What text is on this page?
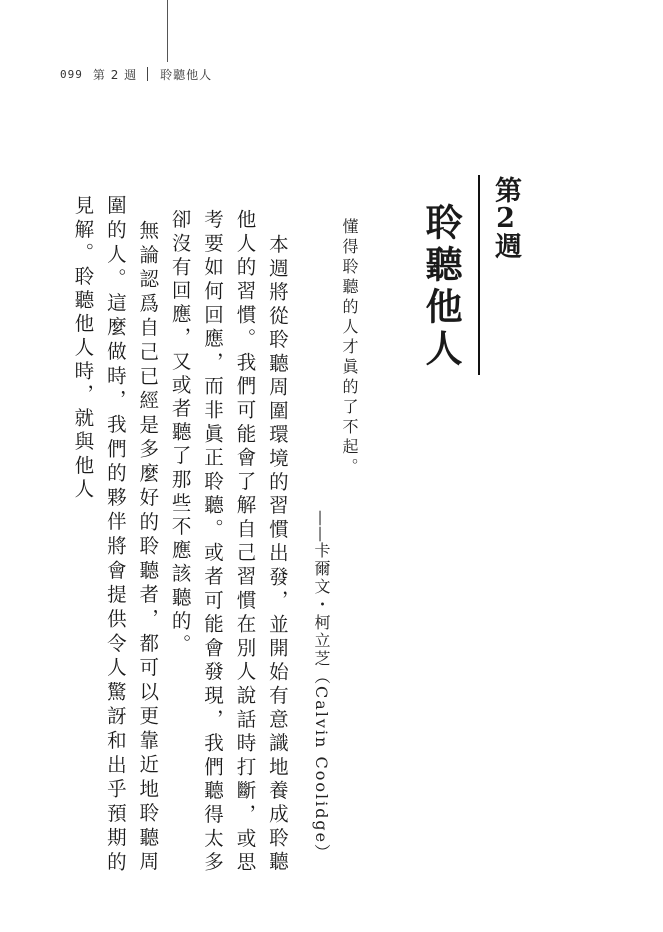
099 第 2 週 聆聽他人
第2週
聆聽他人
懂得聆聽的人才眞的了不起。
——卡爾文・柯立芝（Calvin Coolidge）

本週將從聆聽周圍環境的習慣出發，並開始有意識地養成聆聽他人的習慣。我們可能會了解自己習慣在別人說話時打斷，或思考要如何回應，而非眞正聆聽。或者可能會發現，我們聽得太多卻沒有回應，又或者聽了那些不應該聽的。

無論認爲自己已經是多麼好的聆聽者，都可以更靠近地聆聽周圍的人。這麼做時，我們的夥伴將會提供令人驚訝和出乎預期的見解。聆聽他人時，就與他人
